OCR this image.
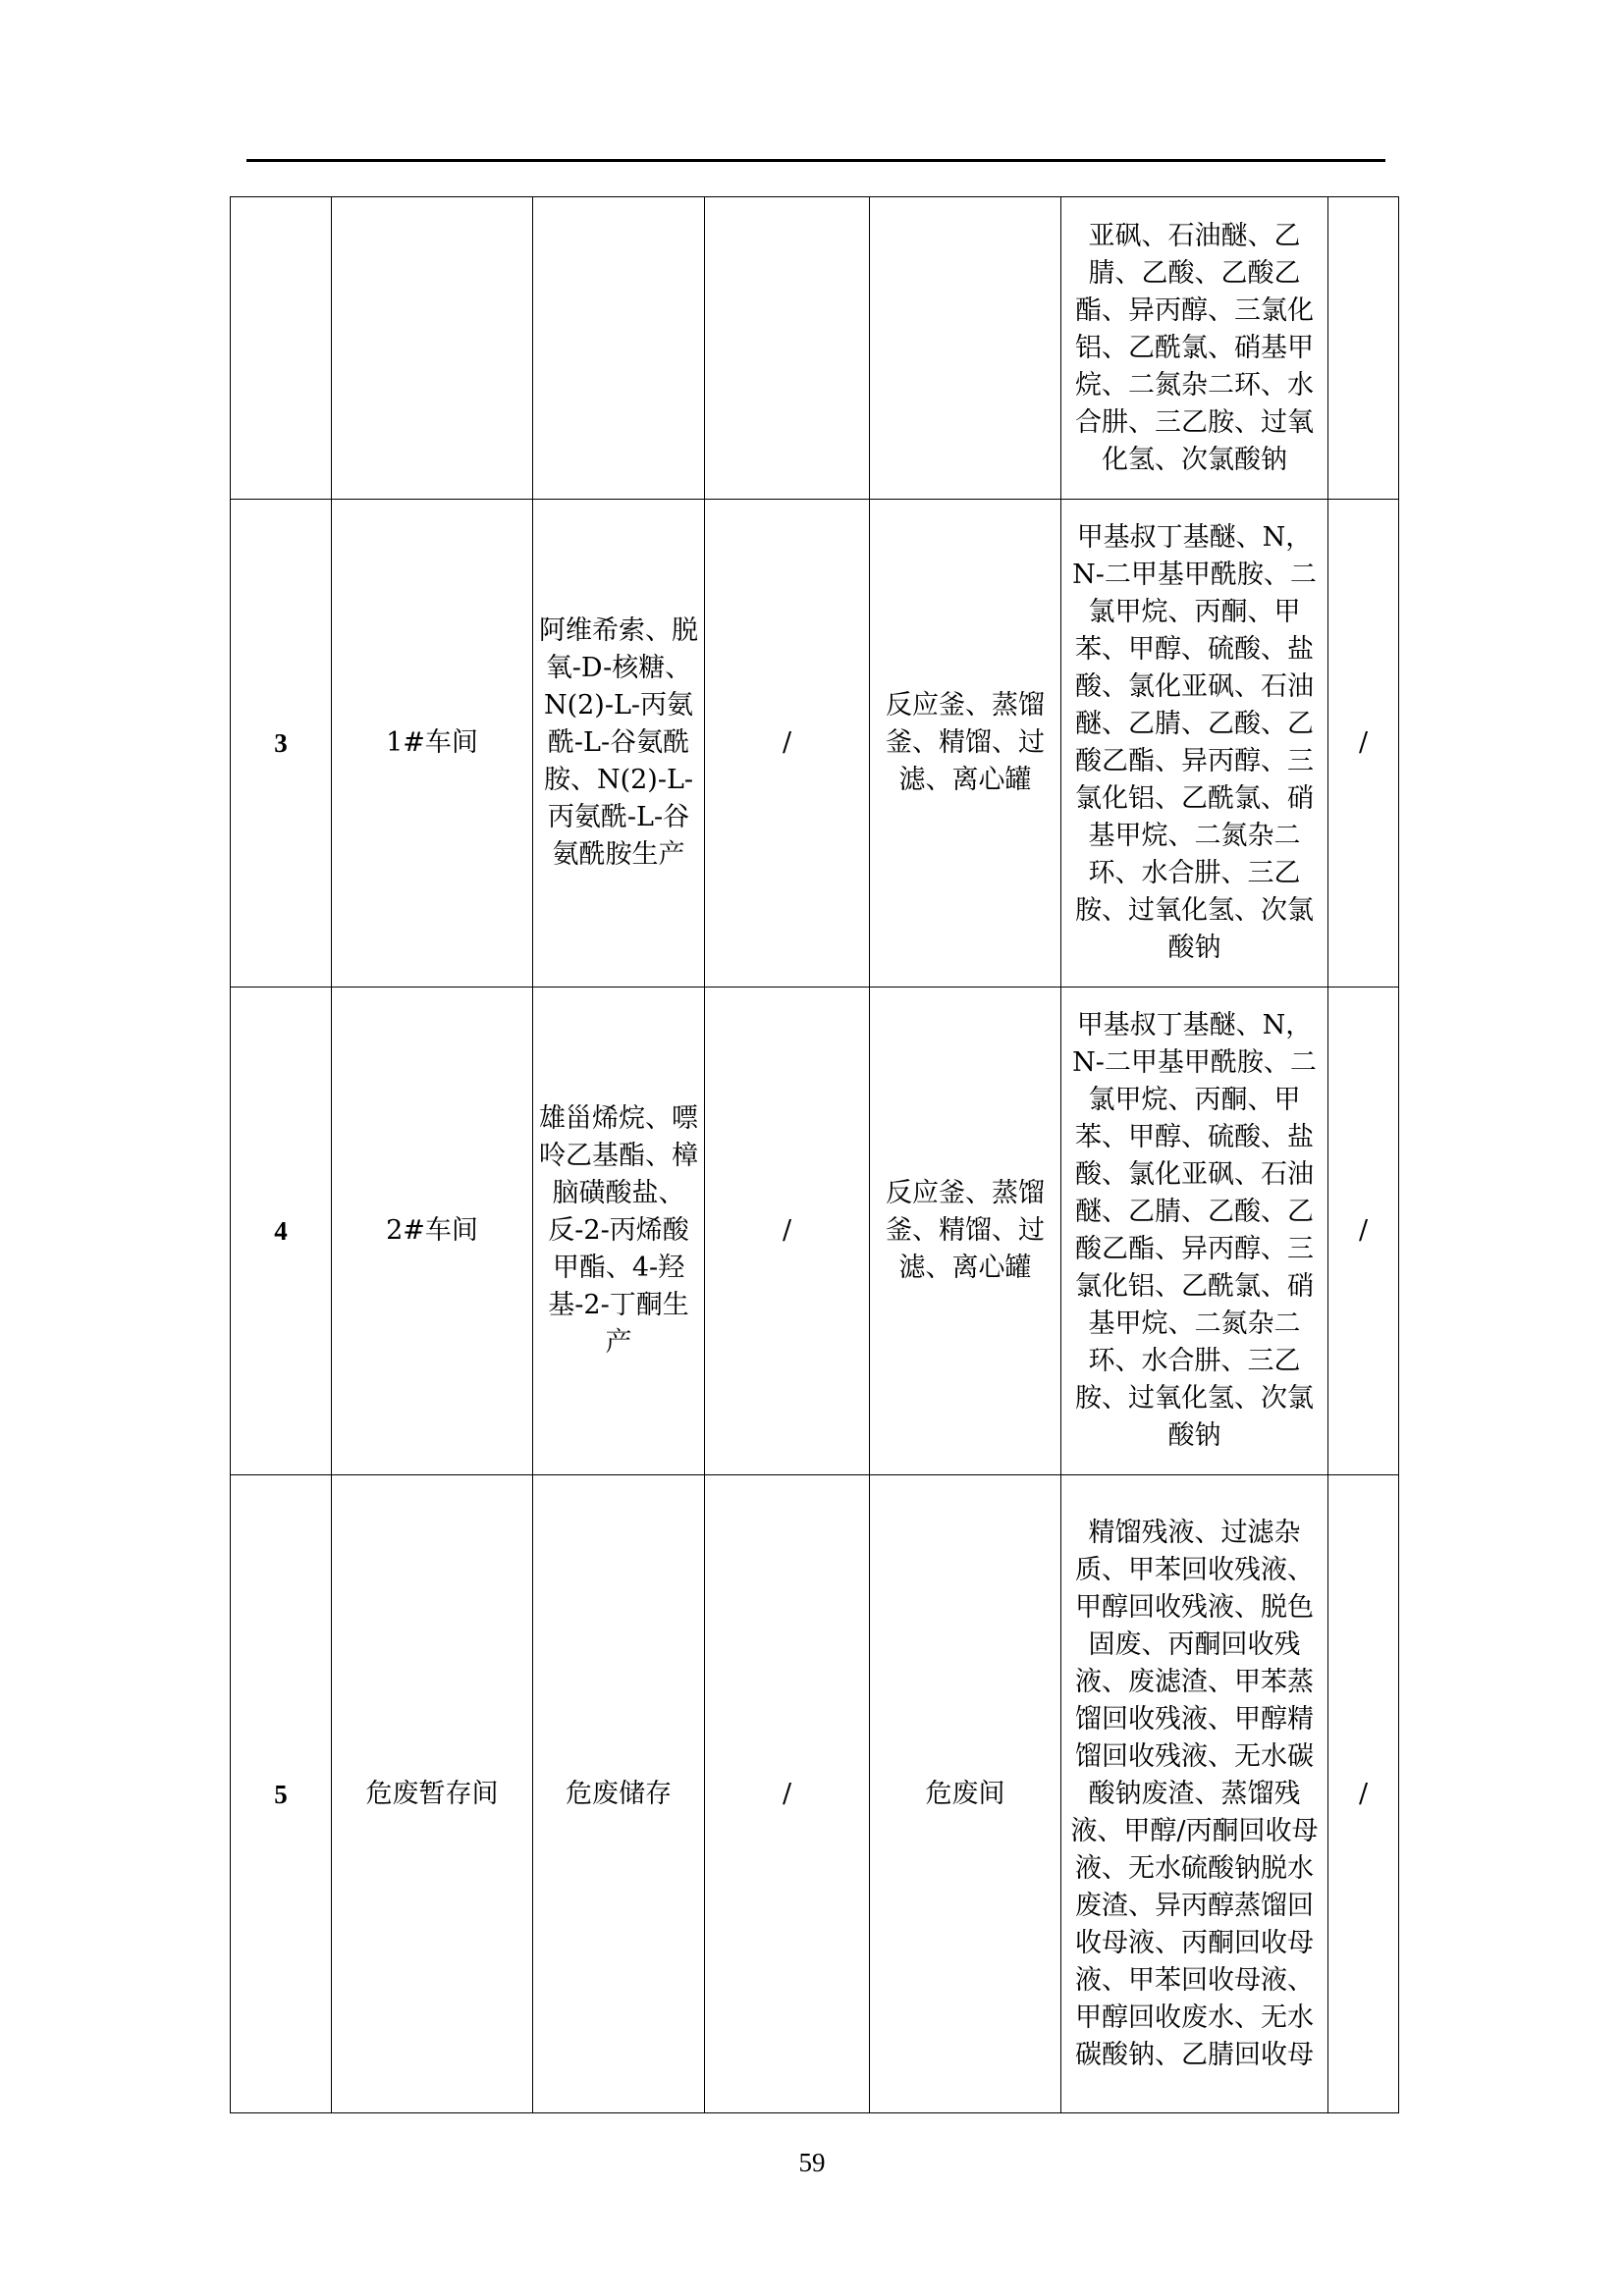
					亚砜、石油醚、乙腈、乙酸、乙酸乙酯、异丙醇、三氯化铝、乙酰氯、硝基甲烷、二氮杂二环、水合肼、三乙胺、过氧化氢、次氯酸钠	
3	1#车间	阿维希索、脱氧-D-核糖、N(2)-L-丙氨酰-L-谷氨酰胺、N(2)-L-丙氨酰-L-谷氨酰胺生产	/	反应釜、蒸馏釜、精馏、过滤、离心罐	甲基叔丁基醚、N，N-二甲基甲酰胺、二氯甲烷、丙酮、甲苯、甲醇、硫酸、盐酸、氯化亚砜、石油醚、乙腈、乙酸、乙酸乙酯、异丙醇、三氯化铝、乙酰氯、硝基甲烷、二氮杂二环、水合肼、三乙胺、过氧化氢、次氯酸钠	/
4	2#车间	雄甾烯烷、嘌呤乙基酯、樟脑磺酸盐、反-2-丙烯酸甲酯、4-羟基-2-丁酮生产	/	反应釜、蒸馏釜、精馏、过滤、离心罐	甲基叔丁基醚、N，N-二甲基甲酰胺、二氯甲烷、丙酮、甲苯、甲醇、硫酸、盐酸、氯化亚砜、石油醚、乙腈、乙酸、乙酸乙酯、异丙醇、三氯化铝、乙酰氯、硝基甲烷、二氮杂二环、水合肼、三乙胺、过氧化氢、次氯酸钠	/
5	危废暂存间	危废储存	/	危废间	精馏残液、过滤杂质、甲苯回收残液、甲醇回收残液、脱色固废、丙酮回收残液、废滤渣、甲苯蒸馏回收残液、甲醇精馏回收残液、无水碳酸钠废渣、蒸馏残液、甲醇/丙酮回收母液、无水硫酸钠脱水废渣、异丙醇蒸馏回收母液、丙酮回收母液、甲苯回收母液、甲醇回收废水、无水碳酸钠、乙腈回收母	/
59
